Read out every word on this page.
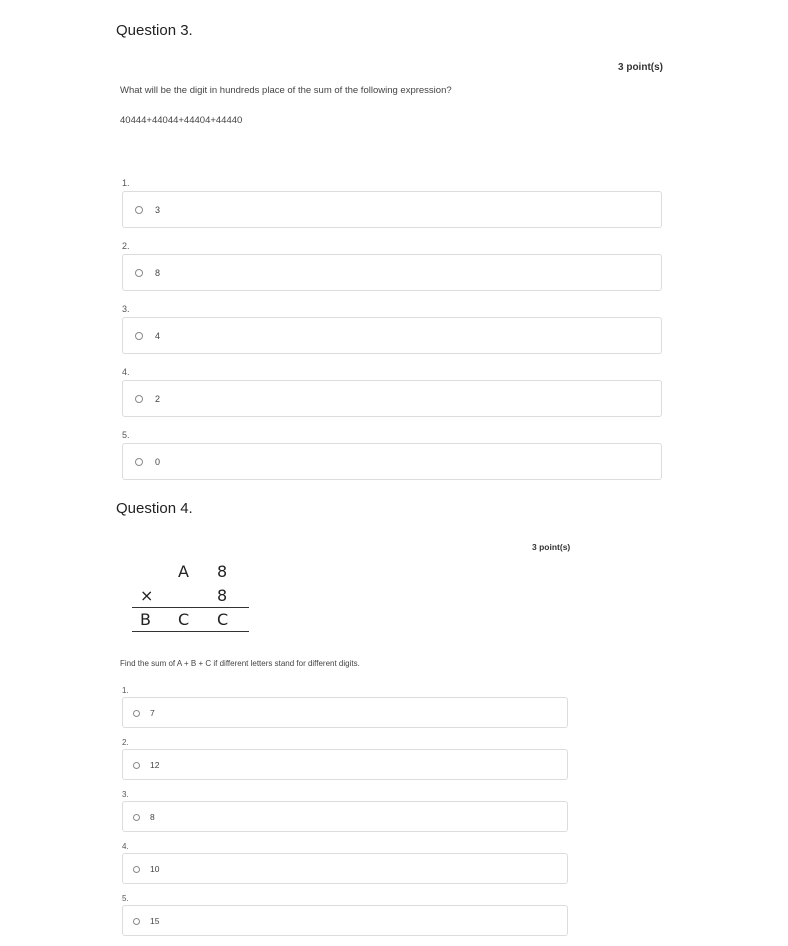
Question 3.
3 point(s)
What will be the digit in hundreds place of the sum of the following expression?
40444+44044+44404+44440
1.
3
2.
8
3.
4
4.
2
5.
0
Question 4.
3 point(s)
A 8
×	8
B C C
Find the sum of A + B + C if different letters stand for different digits.
1.
7
2.
12
3.
8
4.
10
5.
15
